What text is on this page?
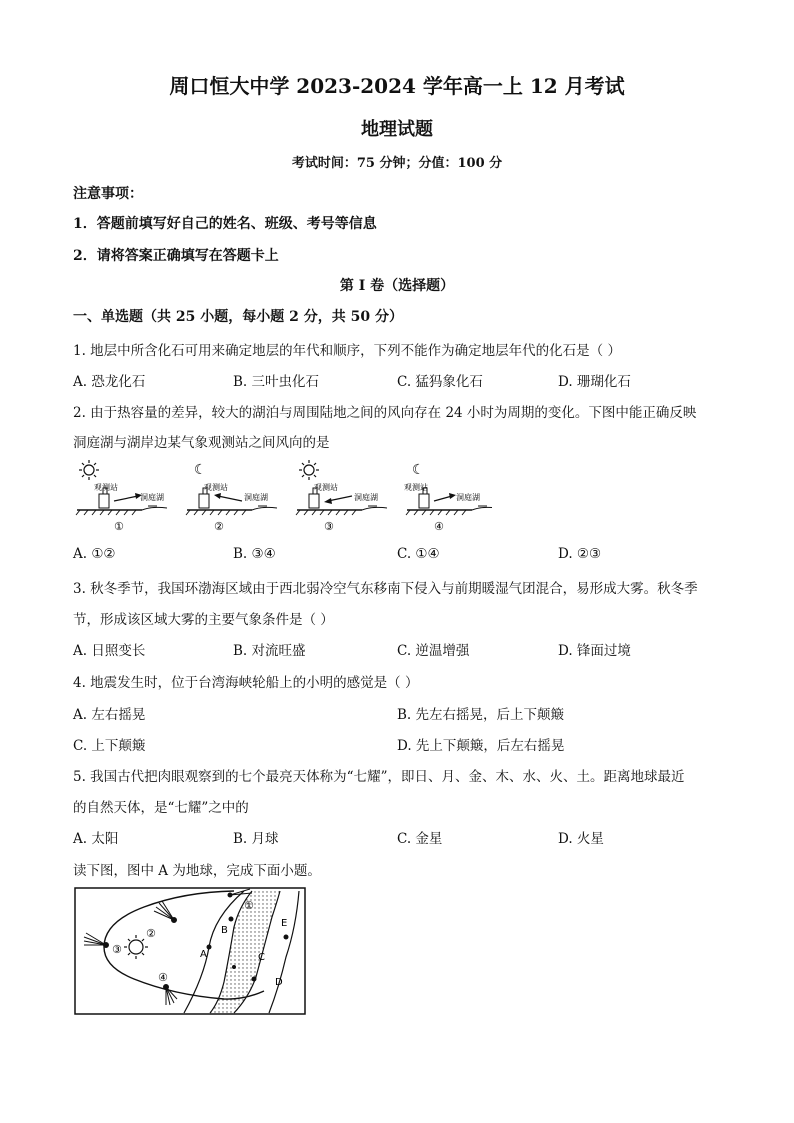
周口恒大中学 2023-2024 学年高一上 12 月考试
地理试题
考试时间：75 分钟；分值：100 分
注意事项：
1．答题前填写好自己的姓名、班级、考号等信息
2．请将答案正确填写在答题卡上
第 I 卷（选择题）
一、单选题（共 25 小题，每小题 2 分，共 50 分）
1. 地层中所含化石可用来确定地层的年代和顺序，下列不能作为确定地层年代的化石是（ ）
A. 恐龙化石	B. 三叶虫化石	C. 猛犸象化石	D. 珊瑚化石
2. 由于热容量的差异，较大的湖泊与周围陆地之间的风向存在 24 小时为周期的变化。下图中能正确反映
洞庭湖与湖岸边某气象观测站之间风向的是
观测站
洞庭湖
①
☾
观测站
洞庭湖
②
观测站
洞庭湖
③
☾
观测站
洞庭湖
④
A. ①②	B. ③④	C. ①④	D. ②③
3. 秋冬季节，我国环渤海区域由于西北弱冷空气东移南下侵入与前期暖湿气团混合，易形成大雾。秋冬季
节，形成该区域大雾的主要气象条件是（ ）
A. 日照变长	B. 对流旺盛	C. 逆温增强	D. 锋面过境
4. 地震发生时，位于台湾海峡轮船上的小明的感觉是（ ）
A. 左右摇晃	B. 先左右摇晃，后上下颠簸
C. 上下颠簸	D. 先上下颠簸，后左右摇晃
5. 我国古代把肉眼观察到的七个最亮天体称为“七耀”，即日、月、金、木、水、火、土。距离地球最近
的自然天体，是“七耀”之中的
A. 太阳	B. 月球	C. 金星	D. 火星
读下图，图中 A 为地球，完成下面小题。
①
②
③
④
A
B
C
D
E
